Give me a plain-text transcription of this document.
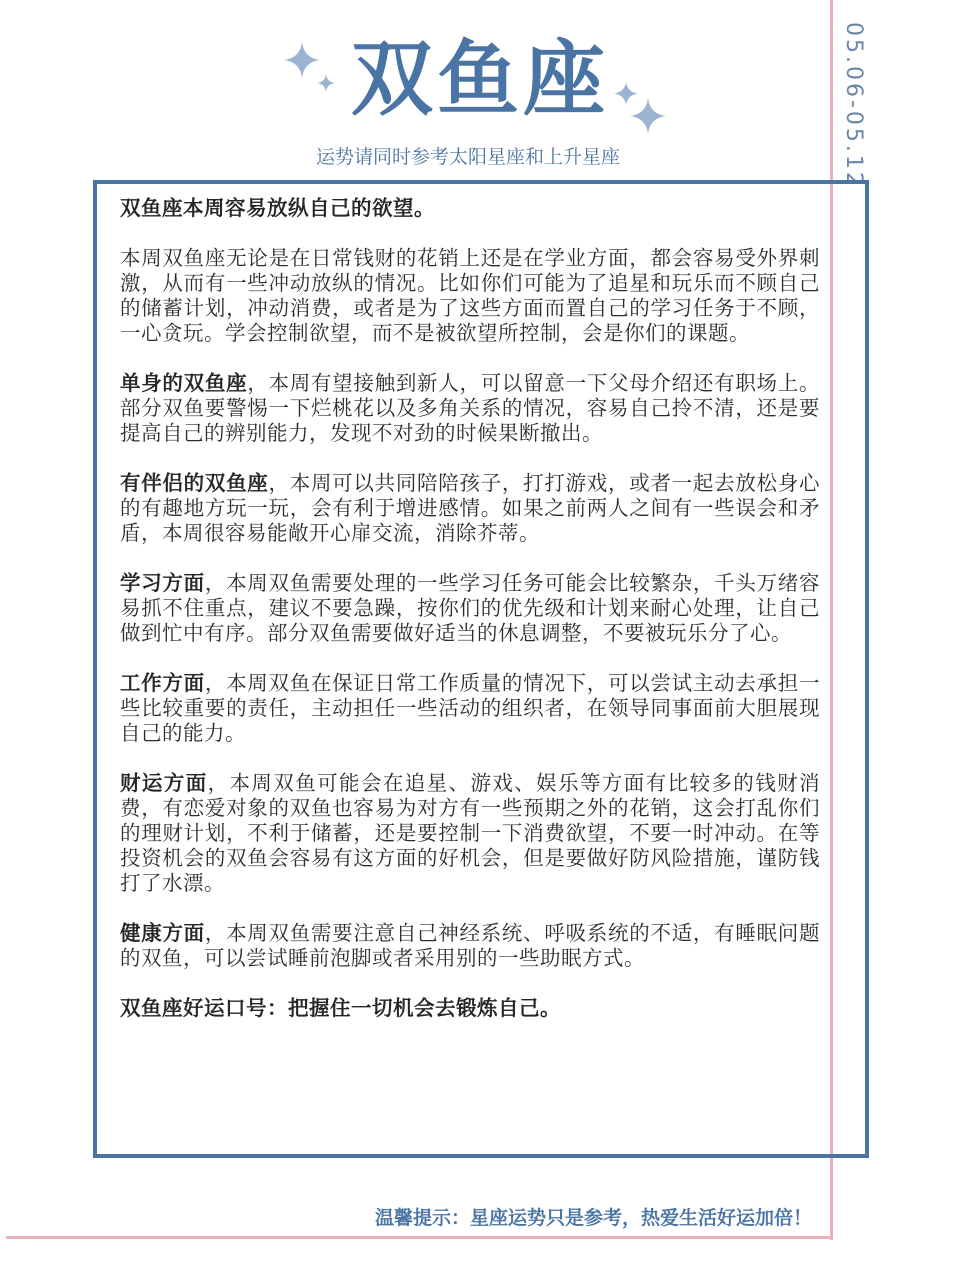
双鱼座
运势请同时参考太阳星座和上升星座	05.06-05.12

双鱼座本周容易放纵自己的欲望。

本周双鱼座无论是在日常钱财的花销上还是在学业方面，都会容易受外界刺激，从而有一些冲动放纵的情况。比如你们可能为了追星和玩乐而不顾自己的储蓄计划，冲动消费，或者是为了这些方面而置自己的学习任务于不顾，一心贪玩。学会控制欲望，而不是被欲望所控制，会是你们的课题。

单身的双鱼座，本周有望接触到新人，可以留意一下父母介绍还有职场上。部分双鱼要警惕一下烂桃花以及多角关系的情况，容易自己拎不清，还是要提高自己的辨别能力，发现不对劲的时候果断撤出。

有伴侣的双鱼座，本周可以共同陪陪孩子，打打游戏，或者一起去放松身心的有趣地方玩一玩，会有利于增进感情。如果之前两人之间有一些误会和矛盾，本周很容易能敞开心扉交流，消除芥蒂。

学习方面，本周双鱼需要处理的一些学习任务可能会比较繁杂，千头万绪容易抓不住重点，建议不要急躁，按你们的优先级和计划来耐心处理，让自己做到忙中有序。部分双鱼需要做好适当的休息调整，不要被玩乐分了心。

工作方面，本周双鱼在保证日常工作质量的情况下，可以尝试主动去承担一些比较重要的责任，主动担任一些活动的组织者，在领导同事面前大胆展现自己的能力。

财运方面，本周双鱼可能会在追星、游戏、娱乐等方面有比较多的钱财消费，有恋爱对象的双鱼也容易为对方有一些预期之外的花销，这会打乱你们的理财计划，不利于储蓄，还是要控制一下消费欲望，不要一时冲动。在等投资机会的双鱼会容易有这方面的好机会，但是要做好防风险措施，谨防钱打了水漂。

健康方面，本周双鱼需要注意自己神经系统、呼吸系统的不适，有睡眠问题的双鱼，可以尝试睡前泡脚或者采用别的一些助眠方式。

双鱼座好运口号：把握住一切机会去锻炼自己。

温馨提示：星座运势只是参考，热爱生活好运加倍！
